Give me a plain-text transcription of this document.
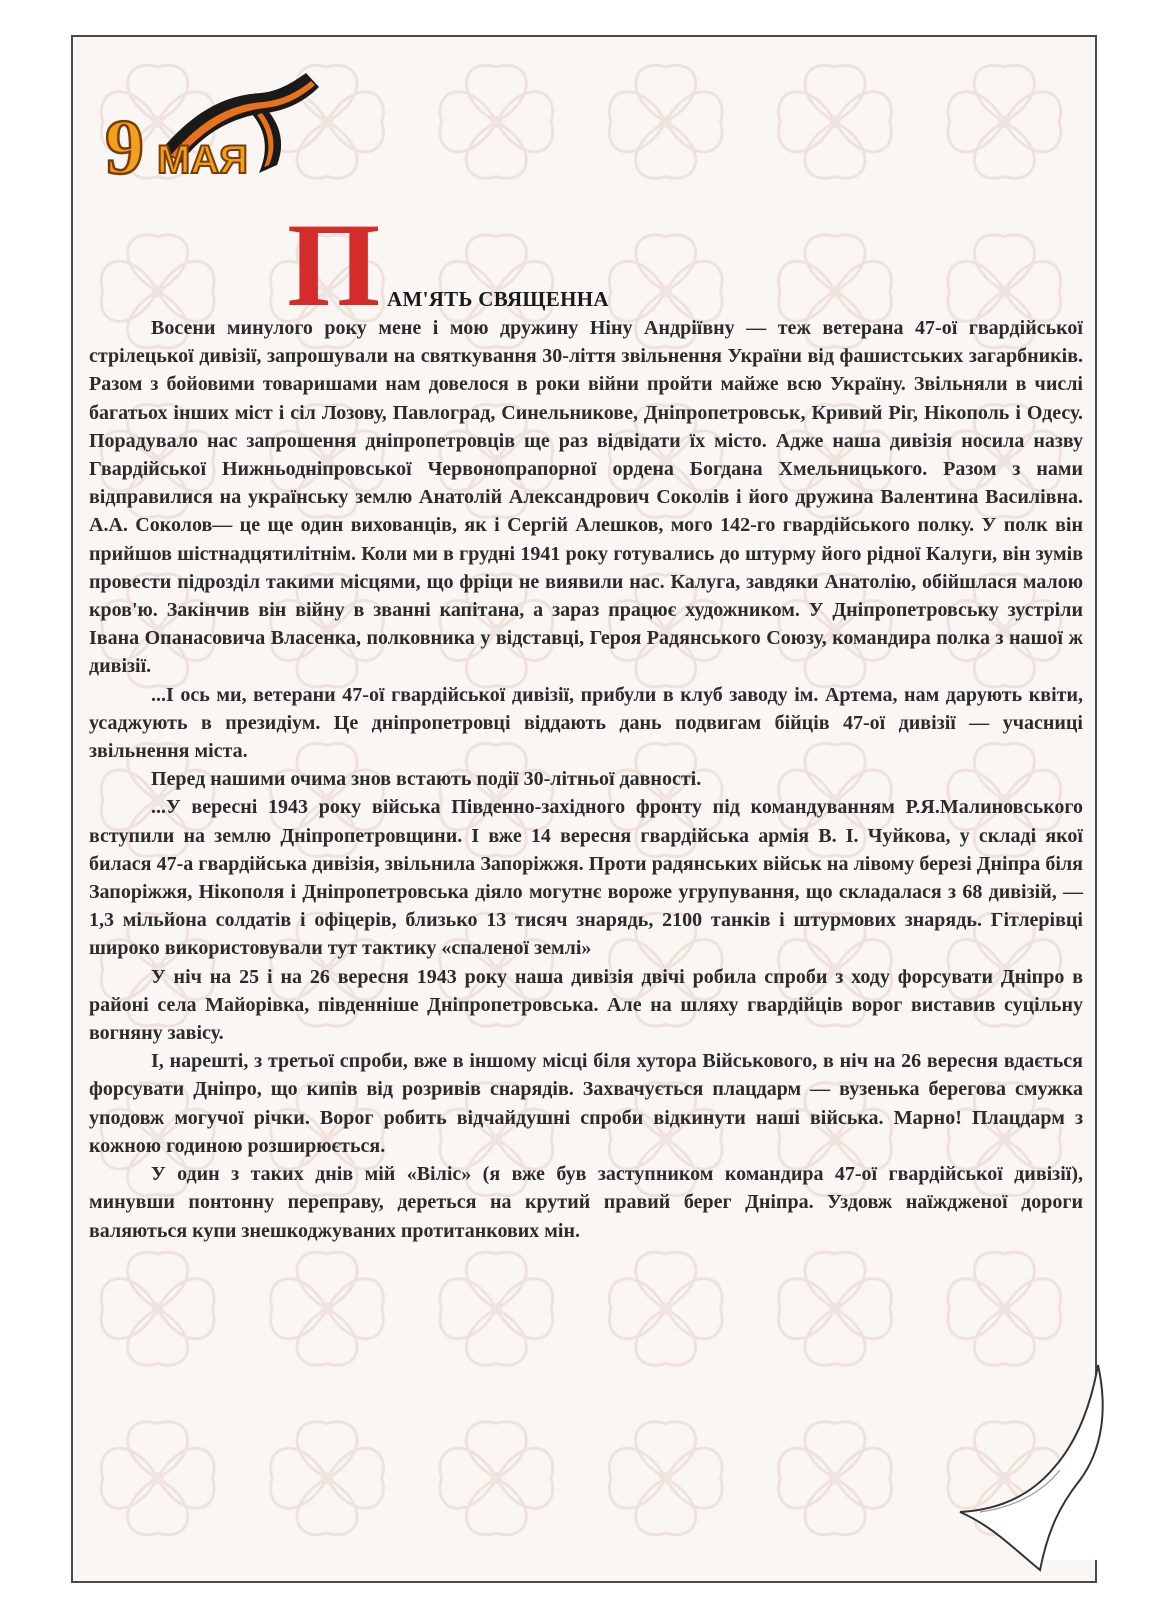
9 МАЯ
П АМ'ЯТЬ СВЯЩЕННА

Восени минулого року мене і мою дружину Ніну Андріївну — теж ветерана 47-ої гвардійської стрілецької дивізії, запрошували на святкування 30-ліття звільнення України від фашистських загарбників. Разом з бойовими товаришами нам довелося в роки війни пройти майже всю Україну. Звільняли в числі багатьох інших міст і сіл Лозову, Павлоград, Синельникове, Дніпропетровськ, Кривий Ріг, Нікополь і Одесу. Порадувало нас запрошення дніпропетровців ще раз відвідати їх місто. Адже наша дивізія носила назву Гвардійської Нижньодніпровської Червонопрапорної ордена Богдана Хмельницького. Разом з нами відправилися на українську землю Анатолій Александрович Соколів і його дружина Валентина Василівна. А.А. Соколов— це ще один вихованців, як і Сергій Алешков, мого 142-го гвардійського полку. У полк він прийшов шістнадцятилітнім. Коли ми в грудні 1941 року готувались до штурму його рідної Калуги, він зумів провести підрозділ такими місцями, що фріци не виявили нас. Калуга, завдяки Анатолію, обійшлася малою кров'ю. Закінчив він війну в званні капітана, а зараз працює художником. У Дніпропетровську зустріли Івана Опанасовича Власенка, полковника у відставці, Героя Радянського Союзу, командира полка з нашої ж дивізії.

...І ось ми, ветерани 47-ої гвардійської дивізії, прибули в клуб заводу ім. Артема, нам дарують квіти, усаджують в президіум. Це дніпропетровці віддають дань подвигам бійців 47-ої дивізії — учасниці звільнення міста.

Перед нашими очима знов встають події 30-літньої давності.

...У вересні 1943 року війська Південно-західного фронту під командуванням Р.Я.Малиновського вступили на землю Дніпропетровщини. І вже 14 вересня гвардійська армія В. І. Чуйкова, у складі якої билася 47-а гвардійська дивізія, звільнила Запоріжжя. Проти радянських військ на лівому березі Дніпра біля Запоріжжя, Нікополя і Дніпропетровська діяло могутнє вороже угрупування, що складалася з 68 дивізій, — 1,3 мільйона солдатів і офіцерів, близько 13 тисяч знарядь, 2100 танків і штурмових знарядь. Гітлерівці широко використовували тут тактику «спаленої землі»

У ніч на 25 і на 26 вересня 1943 року наша дивізія двічі робила спроби з ходу форсувати Дніпро в районі села Майорівка, південніше Дніпропетровська. Але на шляху гвардійців ворог виставив суцільну вогняну завісу.

І, нарешті, з третьої спроби, вже в іншому місці біля хутора Військового, в ніч на 26 вересня вдається форсувати Дніпро, що кипів від розривів снарядів. Захвачується плацдарм — вузенька берегова смужка уподовж могучої річки. Ворог робить відчайдушні спроби відкинути наші війська. Марно! Плацдарм з кожною годиною розширюється.

У один з таких днів мій «Віліс» (я вже був заступником командира 47-ої гвардійської дивізії), минувши понтонну переправу, дереться на крутий правий берег Дніпра. Уздовж наїждженої дороги валяються купи знешкоджуваних протитанкових мін.
